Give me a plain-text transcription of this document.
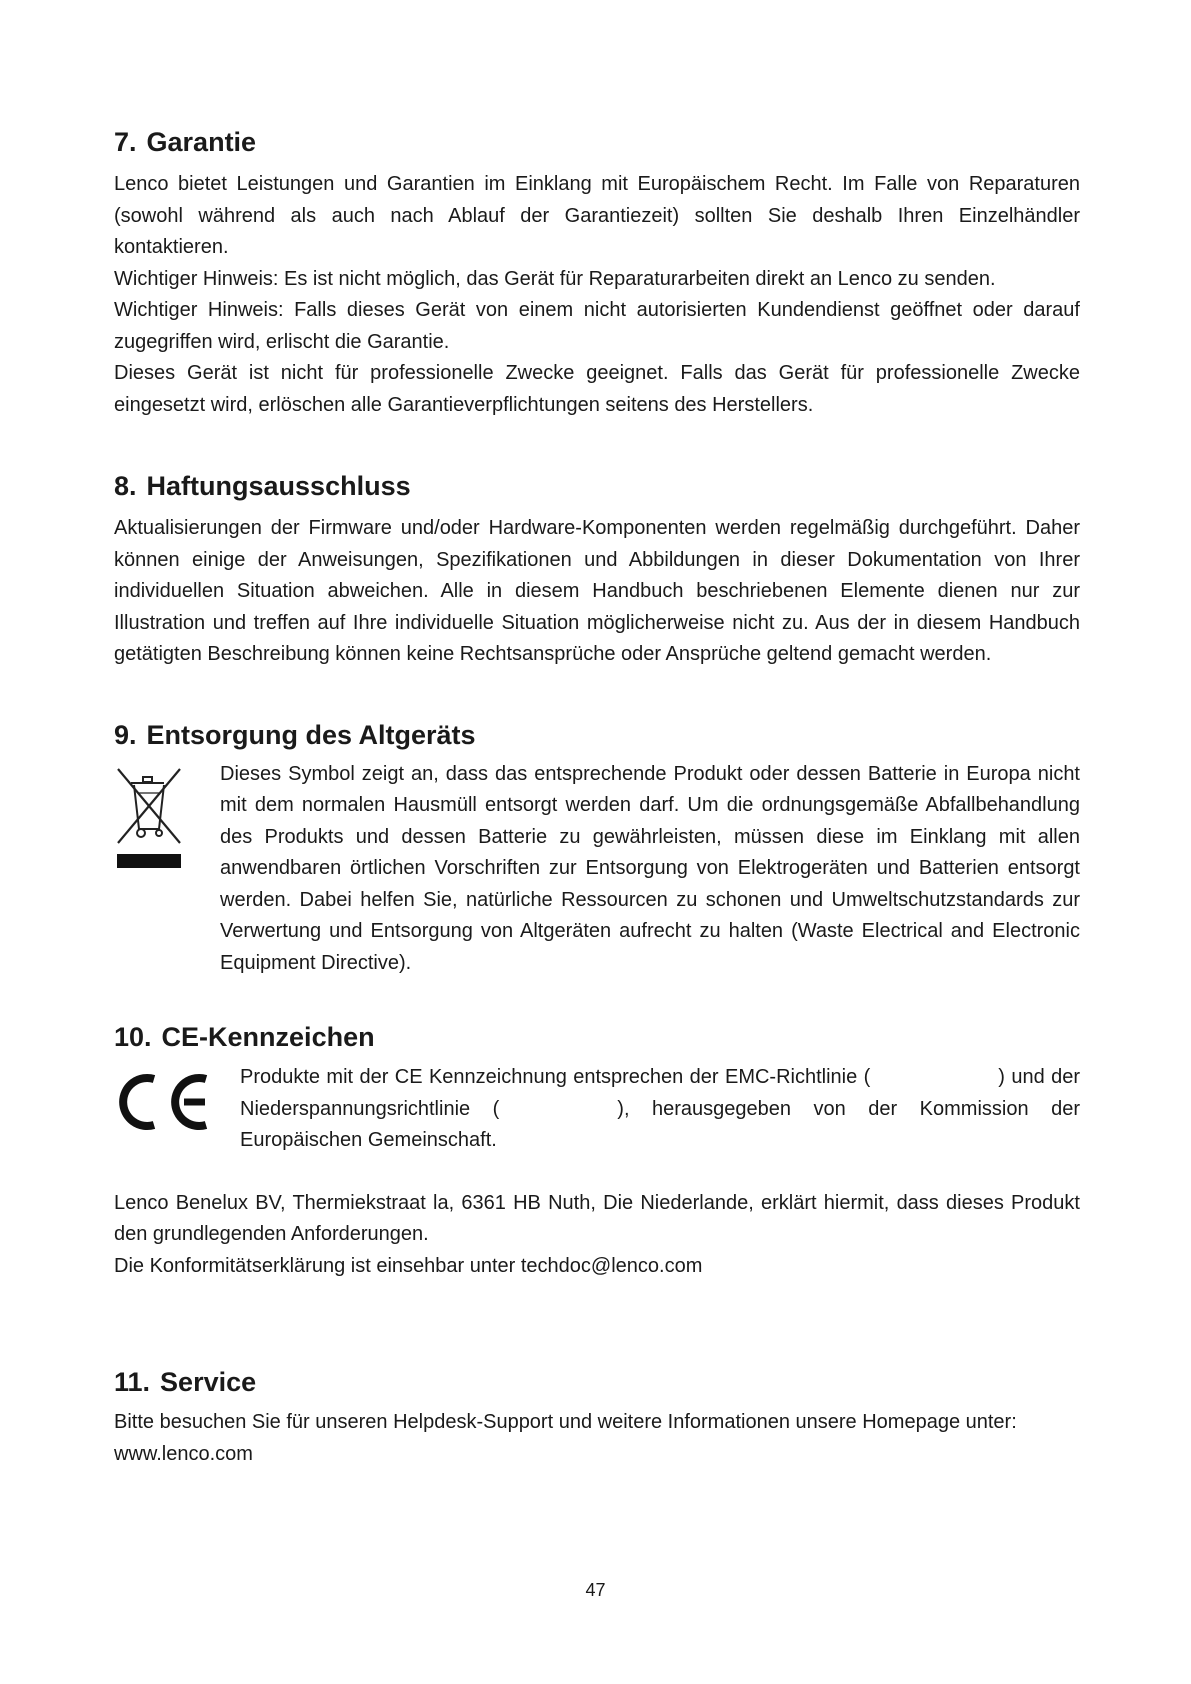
7. Garantie

Lenco bietet Leistungen und Garantien im Einklang mit Europäischem Recht. Im Falle von Reparaturen (sowohl während als auch nach Ablauf der Garantiezeit) sollten Sie deshalb Ihren Einzelhändler kontaktieren.

Wichtiger Hinweis: Es ist nicht möglich, das Gerät für Reparaturarbeiten direkt an Lenco zu senden.

Wichtiger Hinweis: Falls dieses Gerät von einem nicht autorisierten Kundendienst geöffnet oder darauf zugegriffen wird, erlischt die Garantie.

Dieses Gerät ist nicht für professionelle Zwecke geeignet. Falls das Gerät für professionelle Zwecke eingesetzt wird, erlöschen alle Garantieverpflichtungen seitens des Herstellers.

8. Haftungsausschluss

Aktualisierungen der Firmware und/oder Hardware-Komponenten werden regelmäßig durchgeführt. Daher können einige der Anweisungen, Spezifikationen und Abbildungen in dieser Dokumentation von Ihrer individuellen Situation abweichen. Alle in diesem Handbuch beschriebenen Elemente dienen nur zur Illustration und treffen auf Ihre individuelle Situation möglicherweise nicht zu. Aus der in diesem Handbuch getätigten Beschreibung können keine Rechtsansprüche oder Ansprüche geltend gemacht werden.

9. Entsorgung des Altgeräts

Dieses Symbol zeigt an, dass das entsprechende Produkt oder dessen Batterie in Europa nicht mit dem normalen Hausmüll entsorgt werden darf. Um die ordnungsgemäße Abfallbehandlung des Produkts und dessen Batterie zu gewährleisten, müssen diese im Einklang mit allen anwendbaren örtlichen Vorschriften zur Entsorgung von Elektrogeräten und Batterien entsorgt werden. Dabei helfen Sie, natürliche Ressourcen zu schonen und Umweltschutzstandards zur Verwertung und Entsorgung von Altgeräten aufrecht zu halten (Waste Electrical and Electronic Equipment Directive).

10. CE-Kennzeichen

Produkte mit der CE Kennzeichnung entsprechen der EMC-Richtlinie (	) und der Niederspannungsrichtlinie (	), herausgegeben von der Kommission der Europäischen Gemeinschaft.

Lenco Benelux BV, Thermiekstraat la, 6361 HB Nuth, Die Niederlande, erklärt hiermit, dass dieses Produkt den grundlegenden Anforderungen.

Die Konformitätserklärung ist einsehbar unter techdoc@lenco.com

11. Service

Bitte besuchen Sie für unseren Helpdesk-Support und weitere Informationen unsere Homepage unter: www.lenco.com

47
